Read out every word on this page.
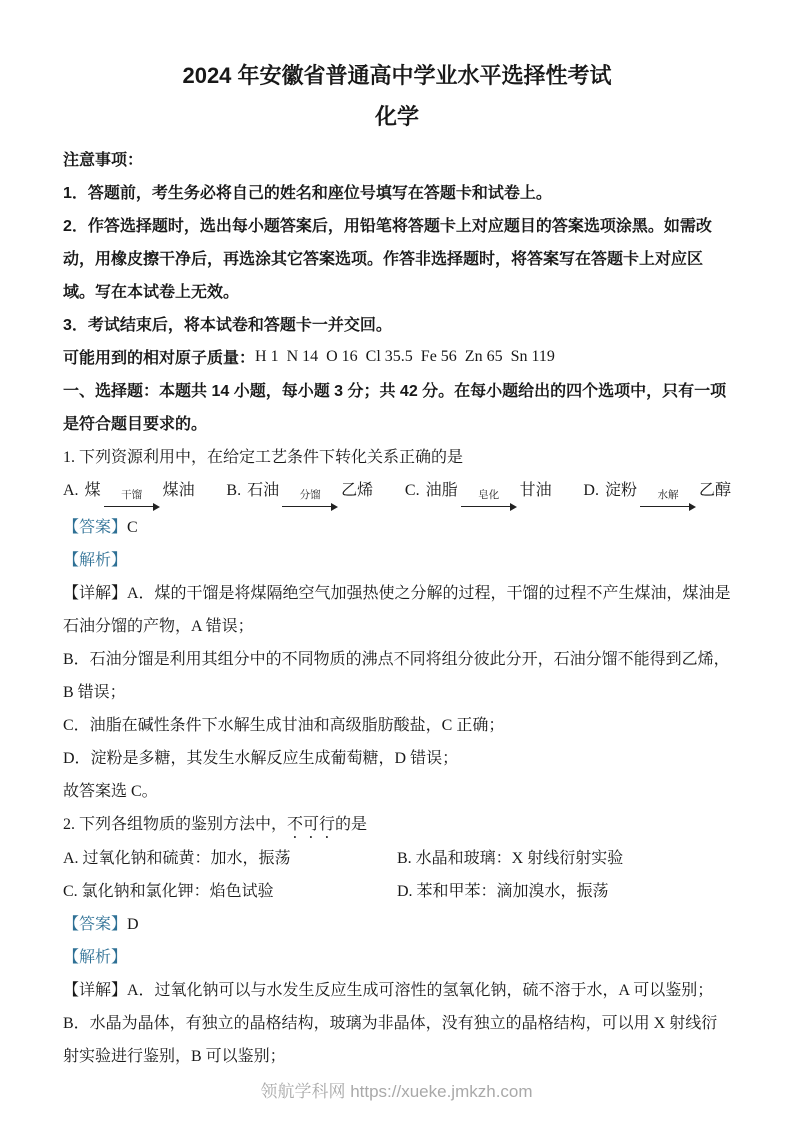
2024 年安徽省普通高中学业水平选择性考试
化学

注意事项：

1．答题前，考生务必将自己的姓名和座位号填写在答题卡和试卷上。

2．作答选择题时，选出每小题答案后，用铅笔将答题卡上对应题目的答案选项涂黑。如需改动，用橡皮擦干净后，再选涂其它答案选项。作答非选择题时，将答案写在答题卡上对应区域。写在本试卷上无效。

3．考试结束后，将本试卷和答题卡一并交回。

可能用到的相对原子质量：H 1  N 14  O 16  Cl 35.5  Fe 56  Zn 65  Sn 119

一、选择题：本题共 14 小题，每小题 3 分；共 42 分。在每小题给出的四个选项中，只有一项是符合题目要求的。

1. 下列资源利用中，在给定工艺条件下转化关系正确的是

A. 煤 干馏 煤油 B. 石油 分馏 乙烯 C. 油脂 皂化 甘油 D. 淀粉 水解 乙醇

【答案】C

【解析】

【详解】A．煤的干馏是将煤隔绝空气加强热使之分解的过程，干馏的过程不产生煤油，煤油是石油分馏的产物，A 错误；

B．石油分馏是利用其组分中的不同物质的沸点不同将组分彼此分开，石油分馏不能得到乙烯，B 错误；

C．油脂在碱性条件下水解生成甘油和高级脂肪酸盐，C 正确；

D．淀粉是多糖，其发生水解反应生成葡萄糖，D 错误；

故答案选 C。

2. 下列各组物质的鉴别方法中，不可行的是

A. 过氧化钠和硫黄：加水，振荡	B. 水晶和玻璃：X 射线衍射实验
C. 氯化钠和氯化钾：焰色试验	D. 苯和甲苯：滴加溴水，振荡

【答案】D

【解析】

【详解】A．过氧化钠可以与水发生反应生成可溶性的氢氧化钠，硫不溶于水，A 可以鉴别；

B．水晶为晶体，有独立的晶格结构，玻璃为非晶体，没有独立的晶格结构，可以用 X 射线衍射实验进行鉴别，B 可以鉴别；

领航学科网 https://xueke.jmkzh.com
